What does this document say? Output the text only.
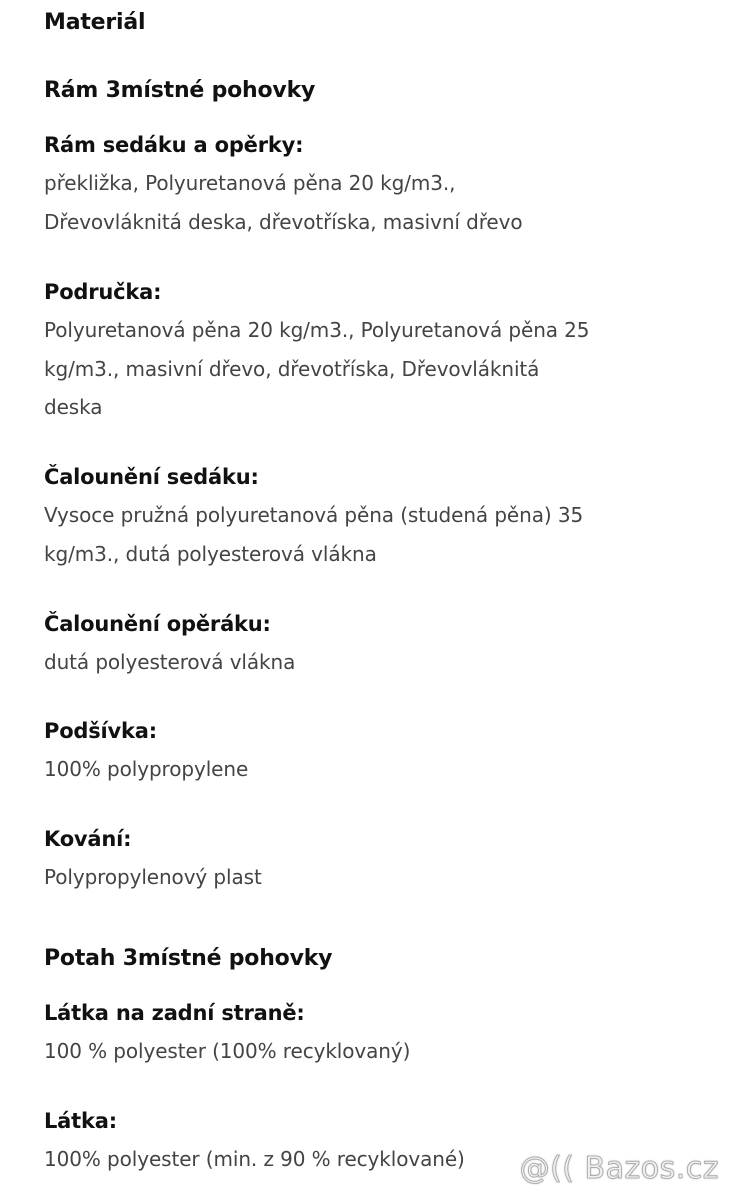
Materiál
Rám 3místné pohovky
Rám sedáku a opěrky:
překližka, Polyuretanová pěna 20 kg/m3.,
Dřevovláknitá deska, dřevotříska, masivní dřevo
Područka:
Polyuretanová pěna 20 kg/m3., Polyuretanová pěna 25
kg/m3., masivní dřevo, dřevotříska, Dřevovláknitá
deska
Čalounění sedáku:
Vysoce pružná polyuretanová pěna (studená pěna) 35
kg/m3., dutá polyesterová vlákna
Čalounění opěráku:
dutá polyesterová vlákna
Podšívka:
100% polypropylene
Kování:
Polypropylenový plast
Potah 3místné pohovky
Látka na zadní straně:
100 % polyester (100% recyklovaný)
Látka:
100% polyester (min. z 90 % recyklované)	@(( Bazos.cz
